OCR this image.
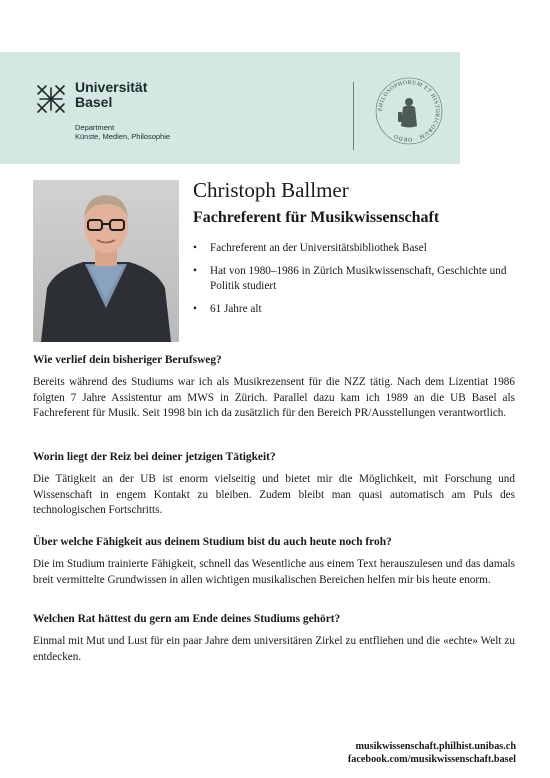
Universität
Basel
Department
Künste, Medien, Philosophie
PHILOSOPHORUM ET HISTORICORUM · ORDO
Christoph Ballmer
Fachreferent für Musikwissenschaft
• Fachreferent an der Universitätsbibliothek Basel
• Hat von 1980–1986 in Zürich Musikwissenschaft, Geschichte und Politik studiert
• 61 Jahre alt

Wie verlief dein bisheriger Berufsweg?

Bereits während des Studiums war ich als Musikrezensent für die NZZ tätig. Nach dem Lizentiat 1986 folgten 7 Jahre Assistentur am MWS in Zürich. Parallel dazu kam ich 1989 an die UB Basel als Fachreferent für Musik. Seit 1998 bin ich da zusätzlich für den Bereich PR/Ausstellungen verantwortlich.

Worin liegt der Reiz bei deiner jetzigen Tätigkeit?

Die Tätigkeit an der UB ist enorm vielseitig und bietet mir die Möglichkeit, mit Forschung und Wissenschaft in engem Kontakt zu bleiben. Zudem bleibt man quasi automatisch am Puls des technologischen Fortschritts.

Über welche Fähigkeit aus deinem Studium bist du auch heute noch froh?

Die im Studium trainierte Fähigkeit, schnell das Wesentliche aus einem Text herauszulesen und das damals breit vermittelte Grundwissen in allen wichtigen musikalischen Bereichen helfen mir bis heute enorm.

Welchen Rat hättest du gern am Ende deines Studiums gehört?

Einmal mit Mut und Lust für ein paar Jahre dem universitären Zirkel zu entfliehen und die «echte» Welt zu entdecken.

musikwissenschaft.philhist.unibas.ch
facebook.com/musikwissenschaft.basel
